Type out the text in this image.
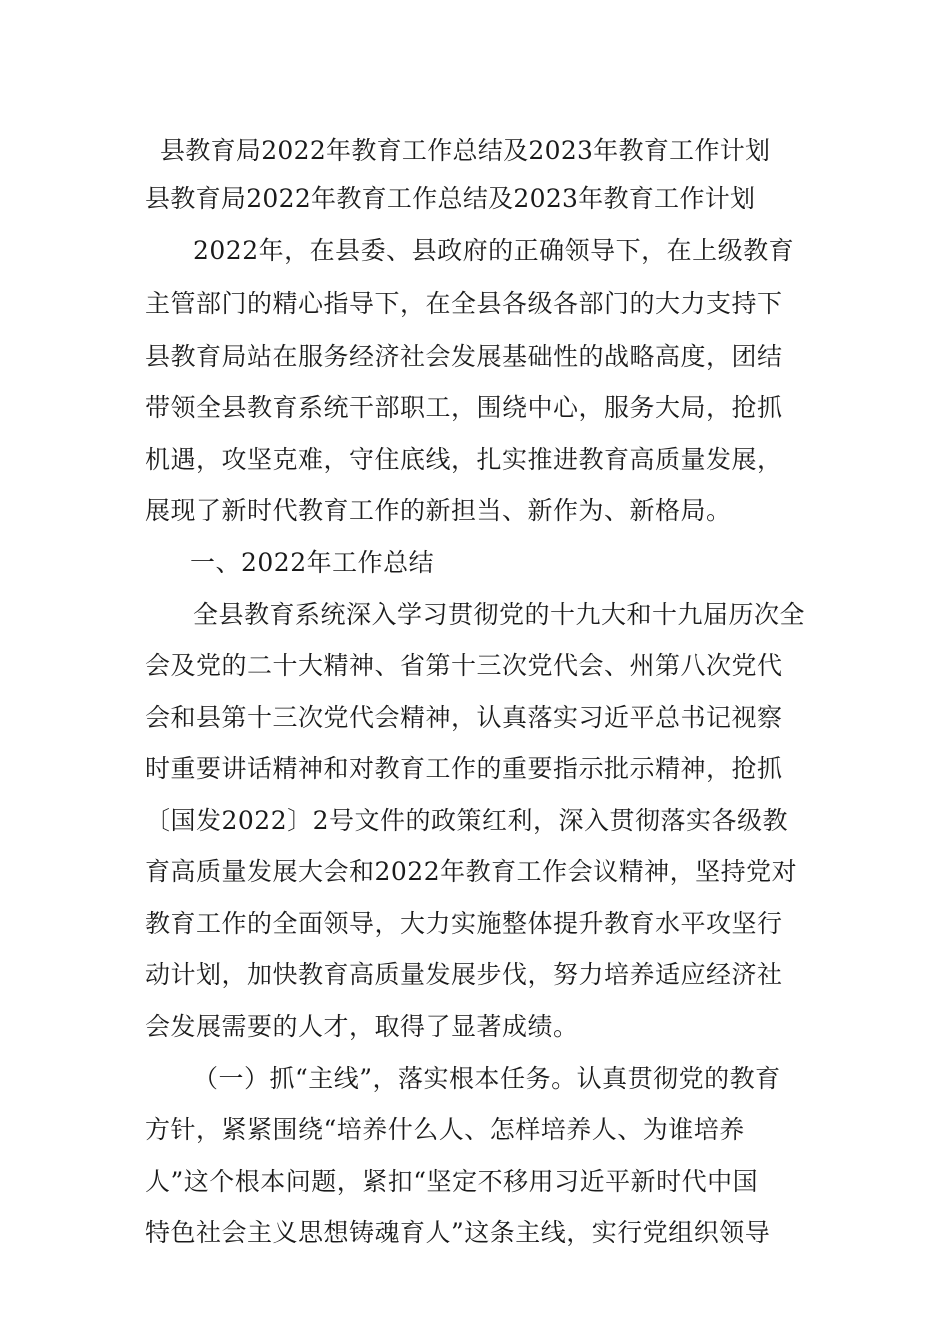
县教育局2022年教育工作总结及2023年教育工作计划
县教育局2022年教育工作总结及2023年教育工作计划
2022年，在县委、县政府的正确领导下，在上级教育
主管部门的精心指导下，在全县各级各部门的大力支持下
县教育局站在服务经济社会发展基础性的战略高度，团结
带领全县教育系统干部职工，围绕中心，服务大局，抢抓
机遇，攻坚克难，守住底线，扎实推进教育高质量发展，
展现了新时代教育工作的新担当、新作为、新格局。
一、2022年工作总结
全县教育系统深入学习贯彻党的十九大和十九届历次全
会及党的二十大精神、省第十三次党代会、州第八次党代
会和县第十三次党代会精神，认真落实习近平总书记视察
时重要讲话精神和对教育工作的重要指示批示精神，抢抓
〔国发2022〕2号文件的政策红利，深入贯彻落实各级教
育高质量发展大会和2022年教育工作会议精神，坚持党对
教育工作的全面领导，大力实施整体提升教育水平攻坚行
动计划，加快教育高质量发展步伐，努力培养适应经济社
会发展需要的人才，取得了显著成绩。
（一）抓“主线”，落实根本任务。认真贯彻党的教育
方针，紧紧围绕“培养什么人、怎样培养人、为谁培养
人”这个根本问题，紧扣“坚定不移用习近平新时代中国
特色社会主义思想铸魂育人”这条主线，实行党组织领导
